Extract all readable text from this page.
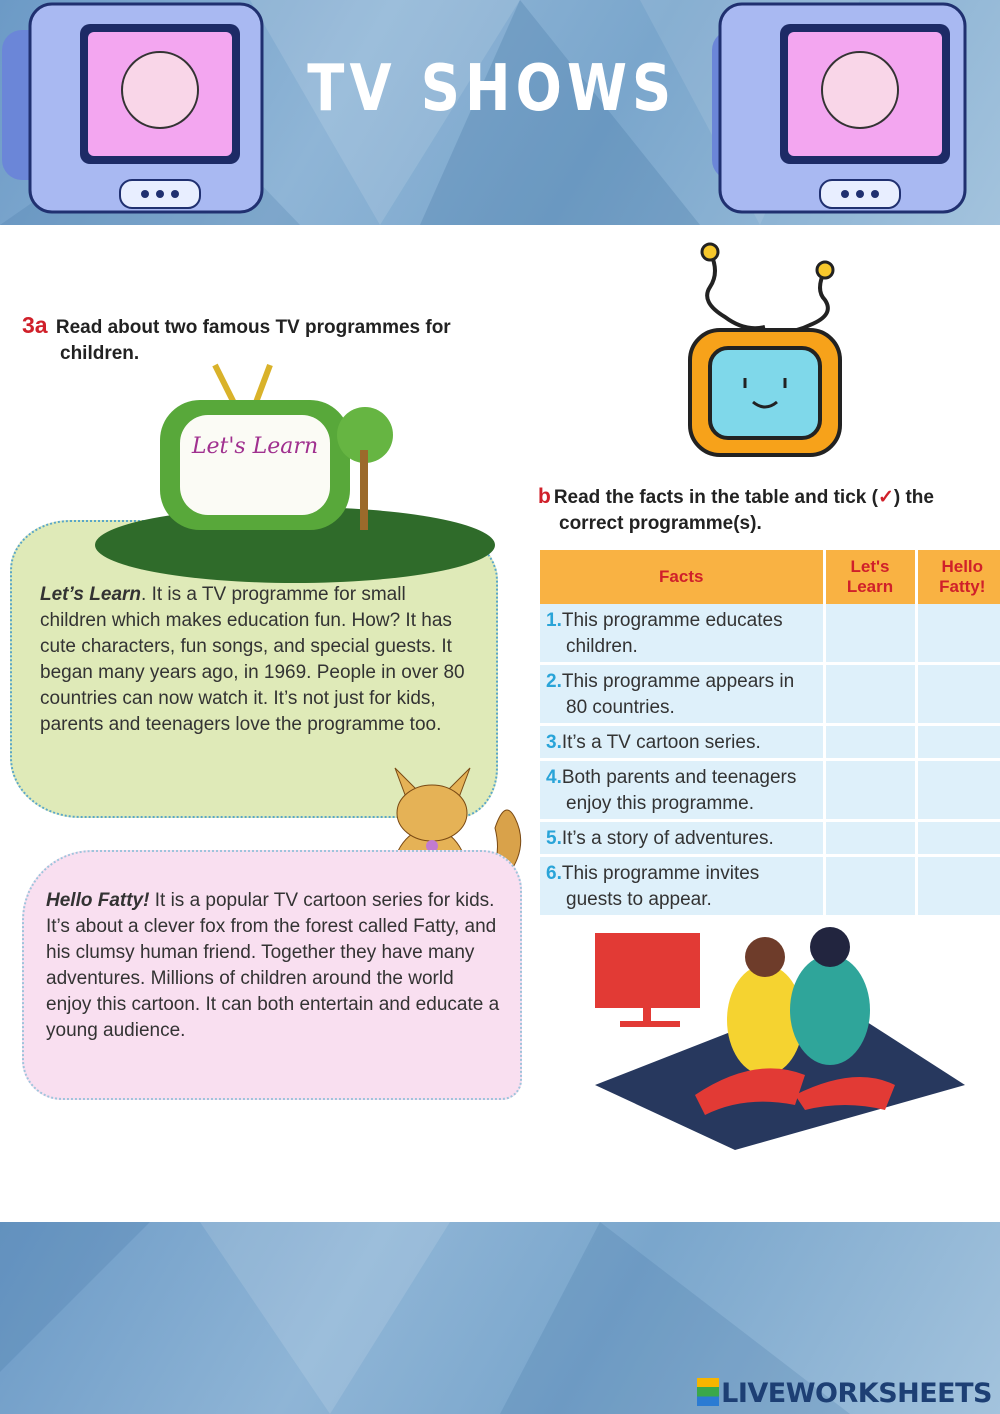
TV SHOWS
3a Read about two famous TV programmes for children.
Let’s Learn. It is a TV programme for small children which makes education fun. How? It has cute characters, fun songs, and special guests. It began many years ago, in 1969. People in over 80 countries can now watch it. It’s not just for kids, parents and teenagers love the programme too.
Let's Learn
Hello Fatty! It is a popular TV cartoon series for kids. It’s about a clever fox from the forest called Fatty, and his clumsy human friend. Together they have many adventures. Millions of children around the world enjoy this cartoon. It can both entertain and educate a young audience.
b Read the facts in the table and tick (✓) the correct programme(s).
Facts	Let's Learn	Hello Fatty!
1.This programme educates children.		
2.This programme appears in 80 countries.		
3.It’s a TV cartoon series.		
4.Both parents and teenagers enjoy this programme.		
5.It’s a story of adventures.		
6.This programme invites guests to appear.		
LIVEWORKSHEETS
